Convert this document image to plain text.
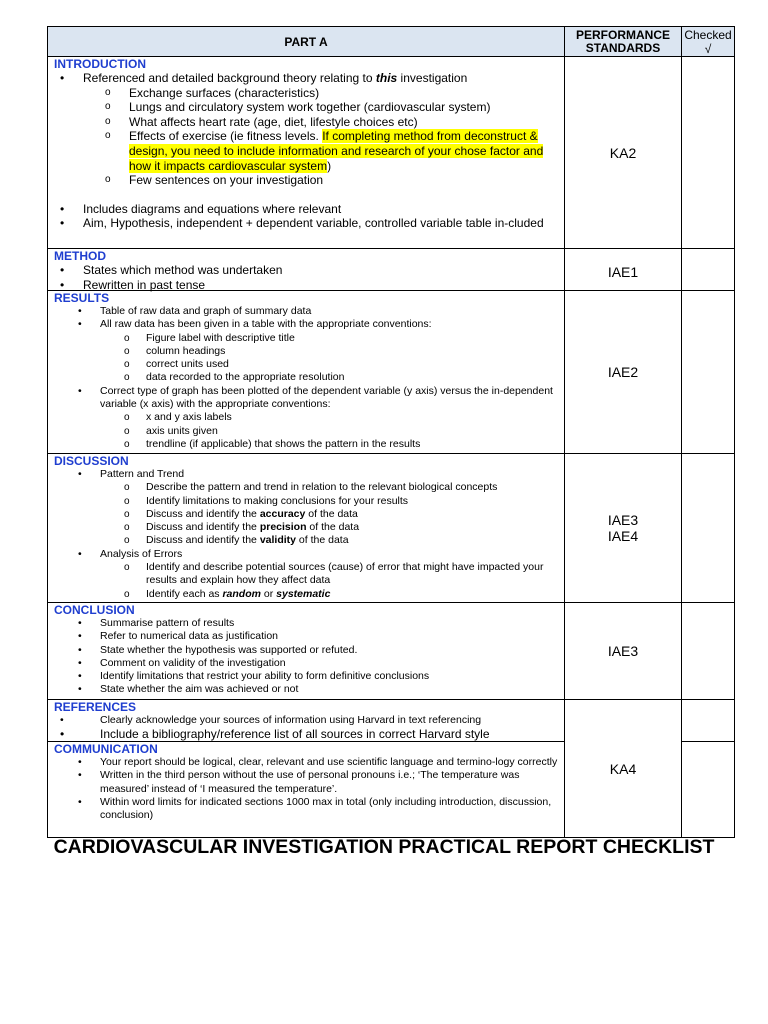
PART A	PERFORMANCE STANDARDS
Checked √
INTRODUCTION
• Referenced and detailed background theory relating to this investigation
o Exchange surfaces (characteristics)
o Lungs and circulatory system work together (cardiovascular system)
o What affects heart rate (age, diet, lifestyle choices etc)
o Effects of exercise (ie fitness levels. If completing method from deconstruct & design, you need to include information and research of your chose factor and how it impacts cardiovascular system)
o Few sentences on your investigation
• Includes diagrams and equations where relevant
• Aim, Hypothesis, independent + dependent variable, controlled variable table in-cluded
KA2
METHOD
• States which method was undertaken
• Rewritten in past tense
IAE1
RESULTS
• Table of raw data and graph of summary data
• All raw data has been given in a table with the appropriate conventions:
o Figure label with descriptive title
o column headings
o correct units used
o data recorded to the appropriate resolution
• Correct type of graph has been plotted of the dependent variable (y axis) versus the in-dependent variable (x axis) with the appropriate conventions:
o x and y axis labels
o axis units given
o trendline (if applicable) that shows the pattern in the results
IAE2
DISCUSSION
• Pattern and Trend
o Describe the pattern and trend in relation to the relevant biological concepts
o Identify limitations to making conclusions for your results
o Discuss and identify the accuracy of the data
o Discuss and identify the precision of the data
o Discuss and identify the validity of the data
• Analysis of Errors
o Identify and describe potential sources (cause) of error that might have impacted your results and explain how they affect data
o Identify each as random or systematic
IAE3
IAE4
CONCLUSION
• Summarise pattern of results
• Refer to numerical data as justification
• State whether the hypothesis was supported or refuted.
• Comment on validity of the investigation
• Identify limitations that restrict your ability to form definitive conclusions
• State whether the aim was achieved or not
IAE3
REFERENCES
• Clearly acknowledge your sources of information using Harvard in text referencing
• Include a bibliography/reference list of all sources in correct Harvard style
COMMUNICATION
• Your report should be logical, clear, relevant and use scientific language and termino-logy correctly
• Written in the third person without the use of personal pronouns i.e.; ‘The temperature was measured’ instead of ‘I measured the temperature’.
• Within word limits for indicated sections 1000 max in total (only including introduction, discussion, conclusion)
KA4
CARDIOVASCULAR INVESTIGATION PRACTICAL REPORT CHECKLIST
